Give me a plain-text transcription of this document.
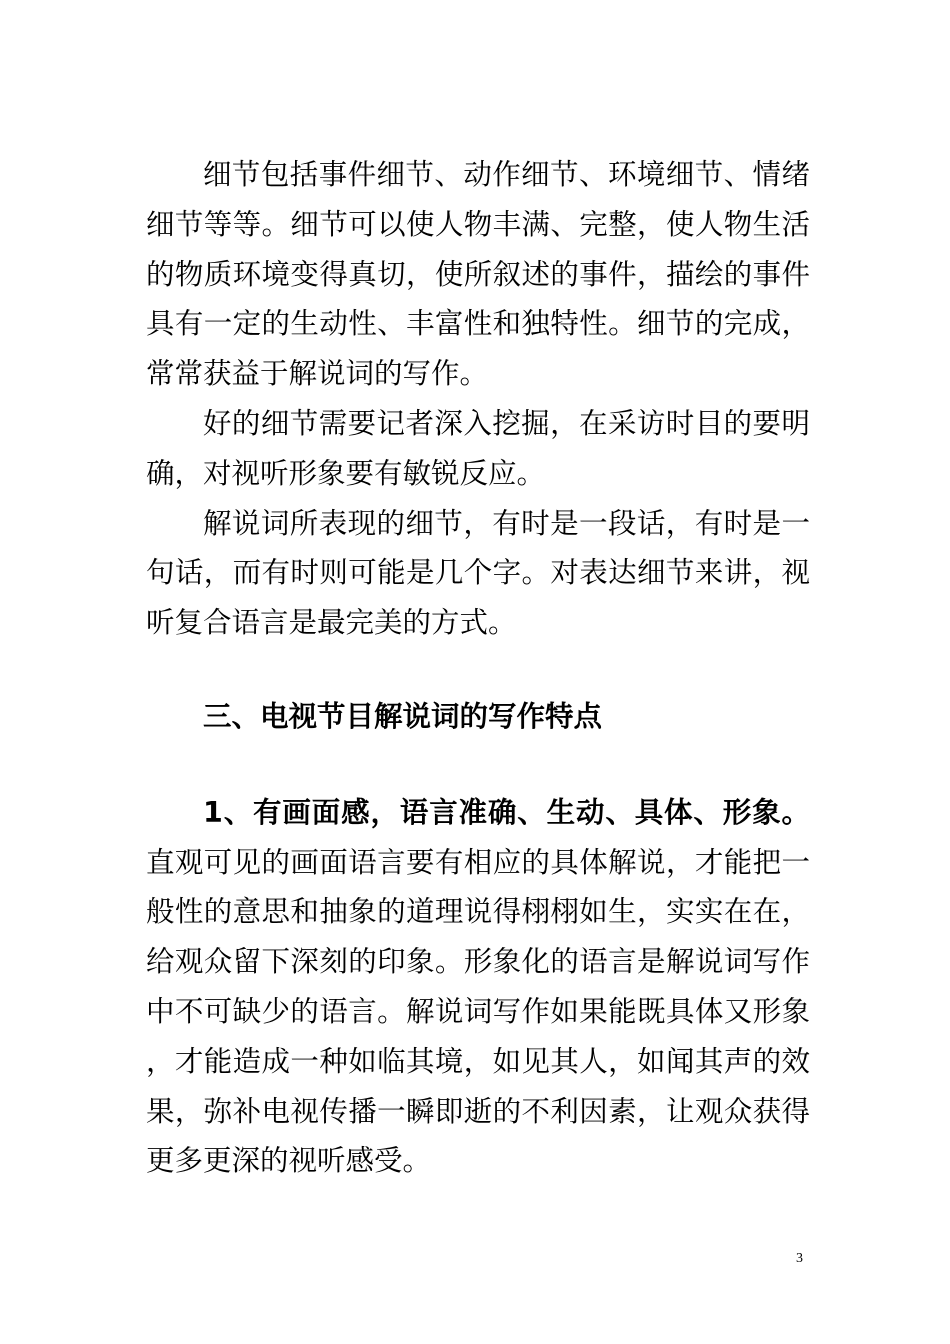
细节包括事件细节、动作细节、环境细节、情绪细节等等。细节可以使人物丰满、完整，使人物生活的物质环境变得真切，使所叙述的事件，描绘的事件具有一定的生动性、丰富性和独特性。细节的完成，常常获益于解说词的写作。

好的细节需要记者深入挖掘，在采访时目的要明确，对视听形象要有敏锐反应。

解说词所表现的细节，有时是一段话，有时是一句话，而有时则可能是几个字。对表达细节来讲，视听复合语言是最完美的方式。

三、电视节目解说词的写作特点

1、有画面感，语言准确、生动、具体、形象。直观可见的画面语言要有相应的具体解说，才能把一般性的意思和抽象的道理说得栩栩如生，实实在在，给观众留下深刻的印象。形象化的语言是解说词写作中不可缺少的语言。解说词写作如果能既具体又形象，才能造成一种如临其境，如见其人，如闻其声的效果，弥补电视传播一瞬即逝的不利因素，让观众获得更多更深的视听感受。

3
